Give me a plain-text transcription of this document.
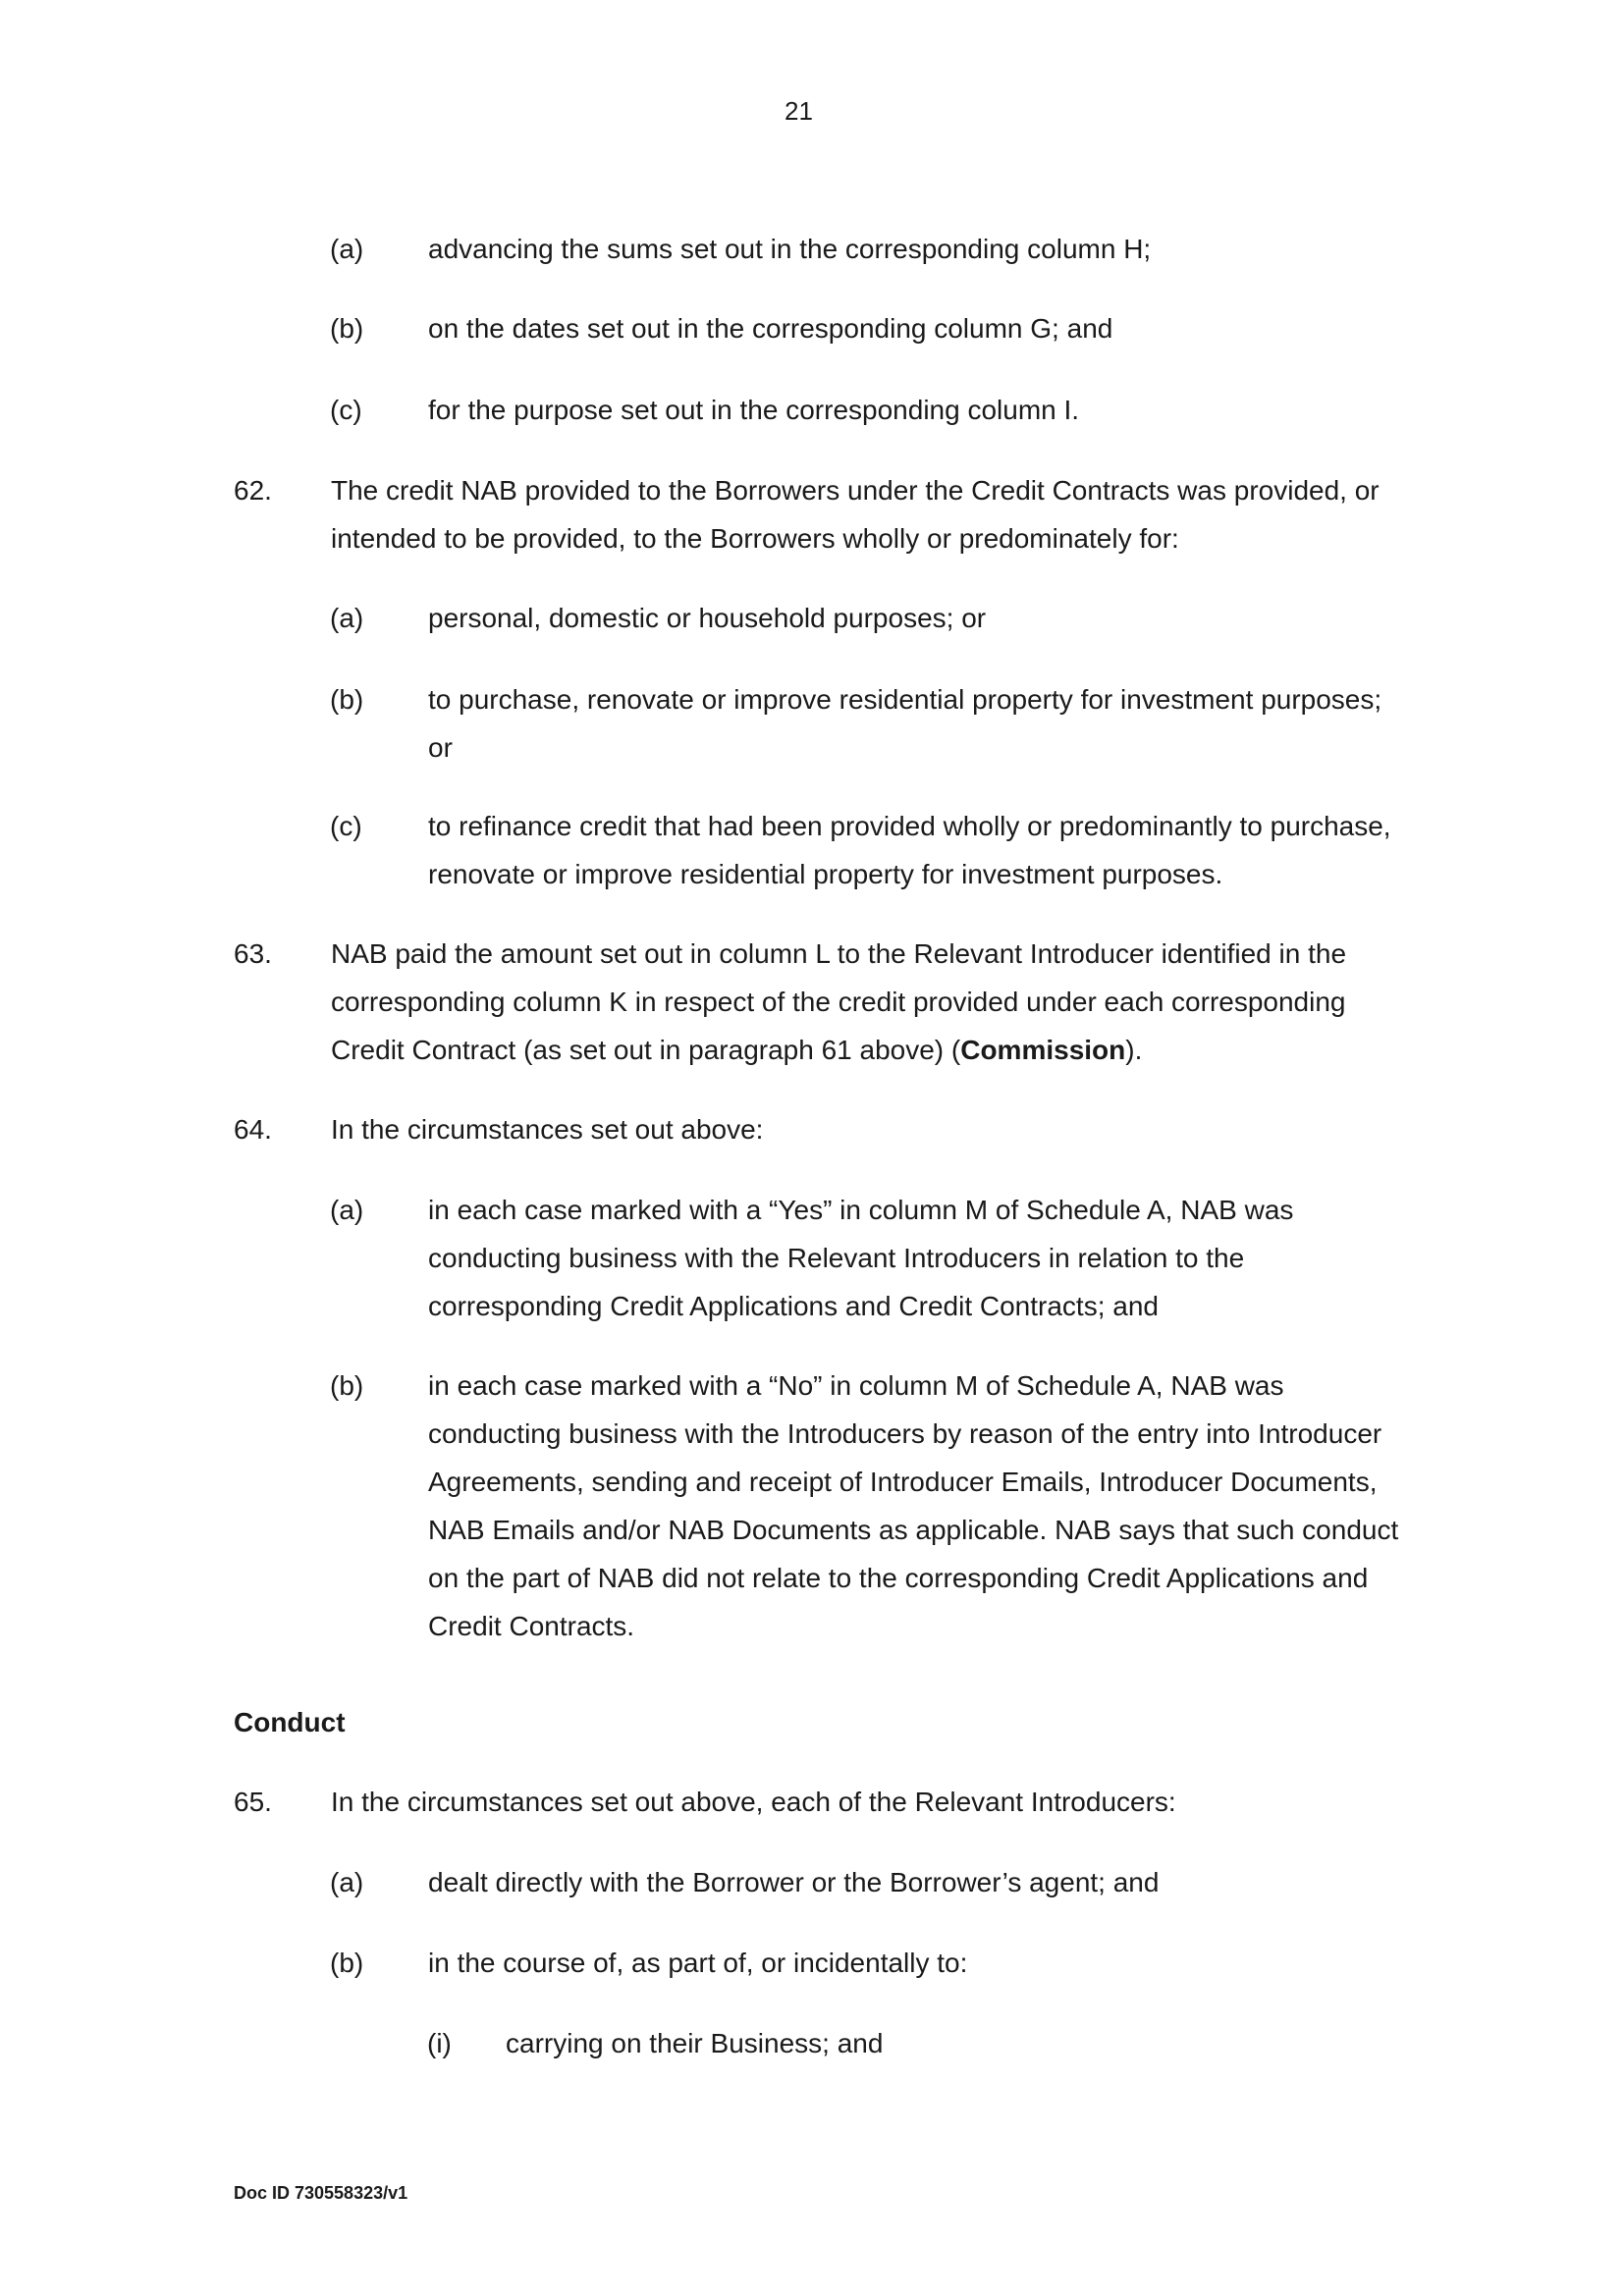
21
(a) advancing the sums set out in the corresponding column H;
(b) on the dates set out in the corresponding column G; and
(c) for the purpose set out in the corresponding column I.
62. The credit NAB provided to the Borrowers under the Credit Contracts was provided, or intended to be provided, to the Borrowers wholly or predominately for:
(a) personal, domestic or household purposes; or
(b) to purchase, renovate or improve residential property for investment purposes; or
(c) to refinance credit that had been provided wholly or predominantly to purchase, renovate or improve residential property for investment purposes.
63. NAB paid the amount set out in column L to the Relevant Introducer identified in the corresponding column K in respect of the credit provided under each corresponding Credit Contract (as set out in paragraph 61 above) (Commission).
64. In the circumstances set out above:
(a) in each case marked with a “Yes” in column M of Schedule A, NAB was conducting business with the Relevant Introducers in relation to the corresponding Credit Applications and Credit Contracts; and
(b) in each case marked with a “No” in column M of Schedule A, NAB was conducting business with the Introducers by reason of the entry into Introducer Agreements, sending and receipt of Introducer Emails, Introducer Documents, NAB Emails and/or NAB Documents as applicable. NAB says that such conduct on the part of NAB did not relate to the corresponding Credit Applications and Credit Contracts.
Conduct
65. In the circumstances set out above, each of the Relevant Introducers:
(a) dealt directly with the Borrower or the Borrower’s agent; and
(b) in the course of, as part of, or incidentally to:
(i) carrying on their Business; and
Doc ID 730558323/v1
